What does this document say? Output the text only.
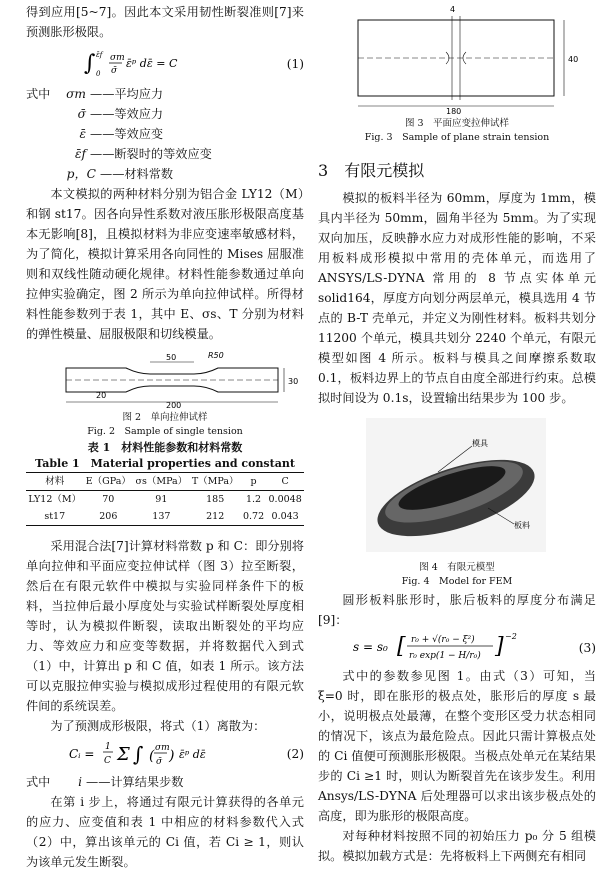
得到应用[5~7]。因此本文采用韧性断裂准则[7]来预测胀形极限。

∫ ε̄f
0
σm
σ̄
ε̄ᵖ dε̄ = C	(1)
式中	σm ——平均应力
σ̄ ——等效应力
ε̄ ——等效应变
ε̄f ——断裂时的等效应变
p，C ——材料常数

本文模拟的两种材料分别为铝合金 LY12（M）和钢 st17。因各向异性系数对液压胀形极限高度基本无影响[8]，且模拟材料为非应变速率敏感材料，为了简化，模拟计算采用各向同性的 Mises 屈服准则和双线性随动硬化规律。材料性能参数通过单向拉伸实验确定，图 2 所示为单向拉伸试样。所得材料性能参数列于表 1，其中 E、σs、T 分别为材料的弹性模量、屈服极限和切线模量。

50	R50
200
20
30
图 2　单向拉伸试样
Fig. 2　Sample of single tension
表 1　材料性能参数和材料常数
Table 1　Material properties and constant
材料	E（GPa）	σs（MPa）	T（MPa）	p	C
LY12（M）	70	91	185	1.2	0.0048
st17	206	137	212	0.72	0.043

采用混合法[7]计算材料常数 p 和 C：即分别将单向拉伸和平面应变拉伸试样（图 3）拉至断裂，然后在有限元软件中模拟与实验同样条件下的板料，当拉伸后最小厚度处与实验试样断裂处厚度相等时，认为模拟件断裂，读取出断裂处的平均应力、等效应力和应变等数据，并将数据代入到式（1）中，计算出 p 和 C 值，如表 1 所示。该方法可以克服拉伸实验与模拟成形过程使用的有限元软件间的系统误差。

为了预测成形极限，将式（1）离散为：

Cᵢ = 1
C Σ ∫ ( σm
σ̄ ) ε̄ᵖ dε̄	(2)
式中	i ——计算结果步数

在第 i 步上，将通过有限元计算获得的各单元的应力、应变值和表 1 中相应的材料参数代入式（2）中，算出该单元的 Ci 值，若 Ci ≥ 1，则认为该单元发生断裂。

4
40
180
图 3　平面应变拉伸试样
Fig. 3　Sample of plane strain tension
3 有限元模拟

模拟的板料半径为 60mm，厚度为 1mm，模具内半径为 50mm，圆角半径为 5mm。为了实现双向加压，反映静水应力对成形性能的影响，不采用板料成形模拟中常用的壳体单元，而选用了 ANSYS/LS-DYNA 常用的 8 节点实体单元 solid164，厚度方向划分两层单元，模具选用 4 节点的 B-T 壳单元，并定义为刚性材料。板料共划分 11200 个单元，模具共划分 2240 个单元，有限元模型如图 4 所示。板料与模具之间摩擦系数取 0.1，板料边界上的节点自由度全部进行约束。总模拟时间设为 0.1s，设置输出结果步为 100 步。

模具
板料
图 4　有限元模型
Fig. 4　Model for FEM

圆形板料胀形时，胀后板料的厚度分布满足[9]：

s = s₀ [ r₀ + √(r₀ − ξ²)
r₀ exp(1 − H/r₀) ] −2
(3)

式中的参数参见图 1。由式（3）可知，当 ξ=0 时，即在胀形的极点处，胀形后的厚度 s 最小，说明极点处最薄，在整个变形区受力状态相同的情况下，该点为最危险点。因此只需计算极点处的 Ci 值便可预测胀形极限。当极点处单元在某结果步的 Ci ≥1 时，则认为断裂首先在该步发生。利用 Ansys/LS-DYNA 后处理器可以求出该步极点处的高度，即为胀形的极限高度。

对每种材料按照不同的初始压力 p₀ 分 5 组模拟。模拟加载方式是：先将板料上下两侧充有相同
